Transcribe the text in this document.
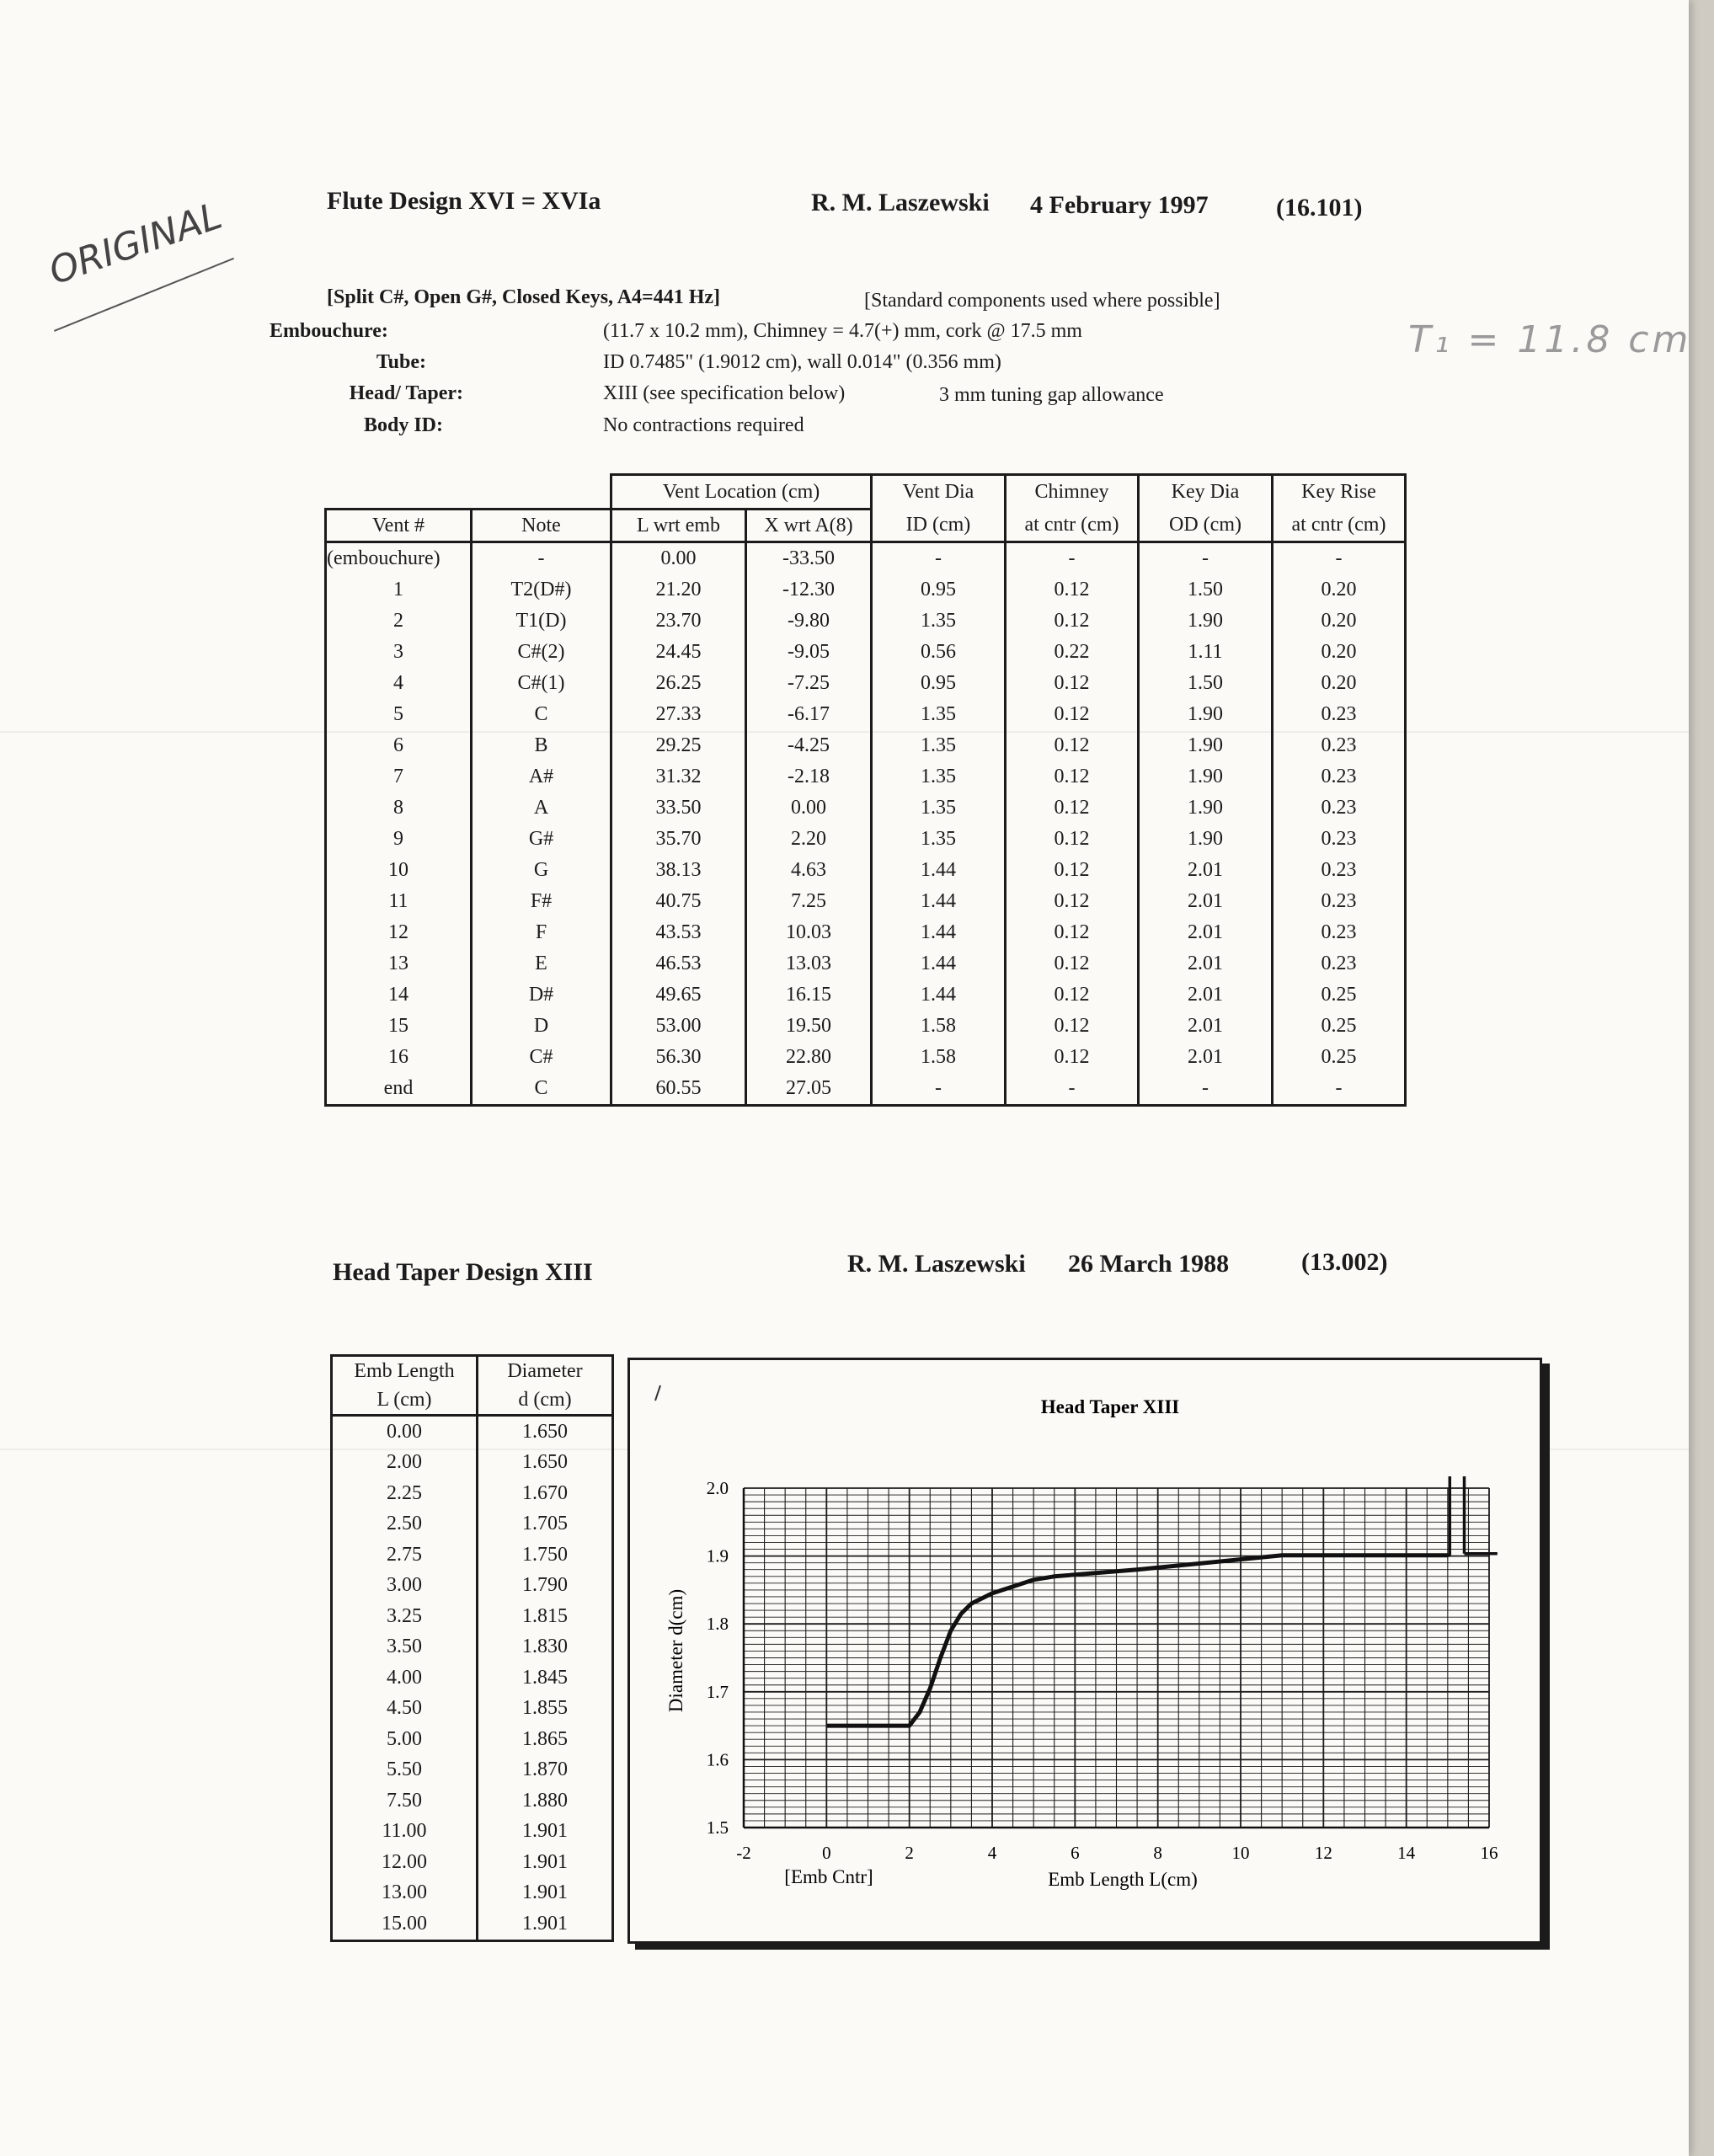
ORIGINAL
T₁ = 11.8 cm
Flute Design XVI = XVIa	R. M. Laszewski 4 February 1997	(16.101)
[Split C#, Open G#, Closed Keys, A4=441 Hz]	[Standard components used where possible]
Embouchure:	(11.7 x 10.2 mm), Chimney = 4.7(+) mm, cork @ 17.5 mm
Tube:	ID 0.7485" (1.9012 cm), wall 0.014" (0.356 mm)
Head/ Taper:	XIII (see specification below)	3 mm tuning gap allowance
Body ID:	No contractions required
		Vent Location (cm)		Vent Dia	Chimney	Key Dia	Key Rise
Vent #	Note	L wrt emb	X wrt A(8)	ID (cm)	at cntr (cm)	OD (cm)	at cntr (cm)
(embouchure)	-	0.00	-33.50	-	-	-	-
1	T2(D#)	21.20	-12.30	0.95	0.12	1.50	0.20
2	T1(D)	23.70	-9.80	1.35	0.12	1.90	0.20
3	C#(2)	24.45	-9.05	0.56	0.22	1.11	0.20
4	C#(1)	26.25	-7.25	0.95	0.12	1.50	0.20
5	C	27.33	-6.17	1.35	0.12	1.90	0.23
6	B	29.25	-4.25	1.35	0.12	1.90	0.23
7	A#	31.32	-2.18	1.35	0.12	1.90	0.23
8	A	33.50	0.00	1.35	0.12	1.90	0.23
9	G#	35.70	2.20	1.35	0.12	1.90	0.23
10	G	38.13	4.63	1.44	0.12	2.01	0.23
11	F#	40.75	7.25	1.44	0.12	2.01	0.23
12	F	43.53	10.03	1.44	0.12	2.01	0.23
13	E	46.53	13.03	1.44	0.12	2.01	0.23
14	D#	49.65	16.15	1.44	0.12	2.01	0.25
15	D	53.00	19.50	1.58	0.12	2.01	0.25
16	C#	56.30	22.80	1.58	0.12	2.01	0.25
end	C	60.55	27.05	-	-	-	-
Head Taper Design XIII	R. M. Laszewski 26 March 1988	(13.002)
Emb Length	Diameter
L (cm)	d (cm)
0.00	1.650
2.00	1.650
2.25	1.670
2.50	1.705
2.75	1.750
3.00	1.790
3.25	1.815
3.50	1.830
4.00	1.845
4.50	1.855
5.00	1.865
5.50	1.870
7.50	1.880
11.00	1.901
12.00	1.901
13.00	1.901
15.00	1.901
Head Taper XIII
-2	0	2	4	6	8	10	12	14	16
1.5
1.6
1.7
1.8
1.9
2.0
Diameter d(cm)
Emb Length L(cm)
[Emb Cntr]
